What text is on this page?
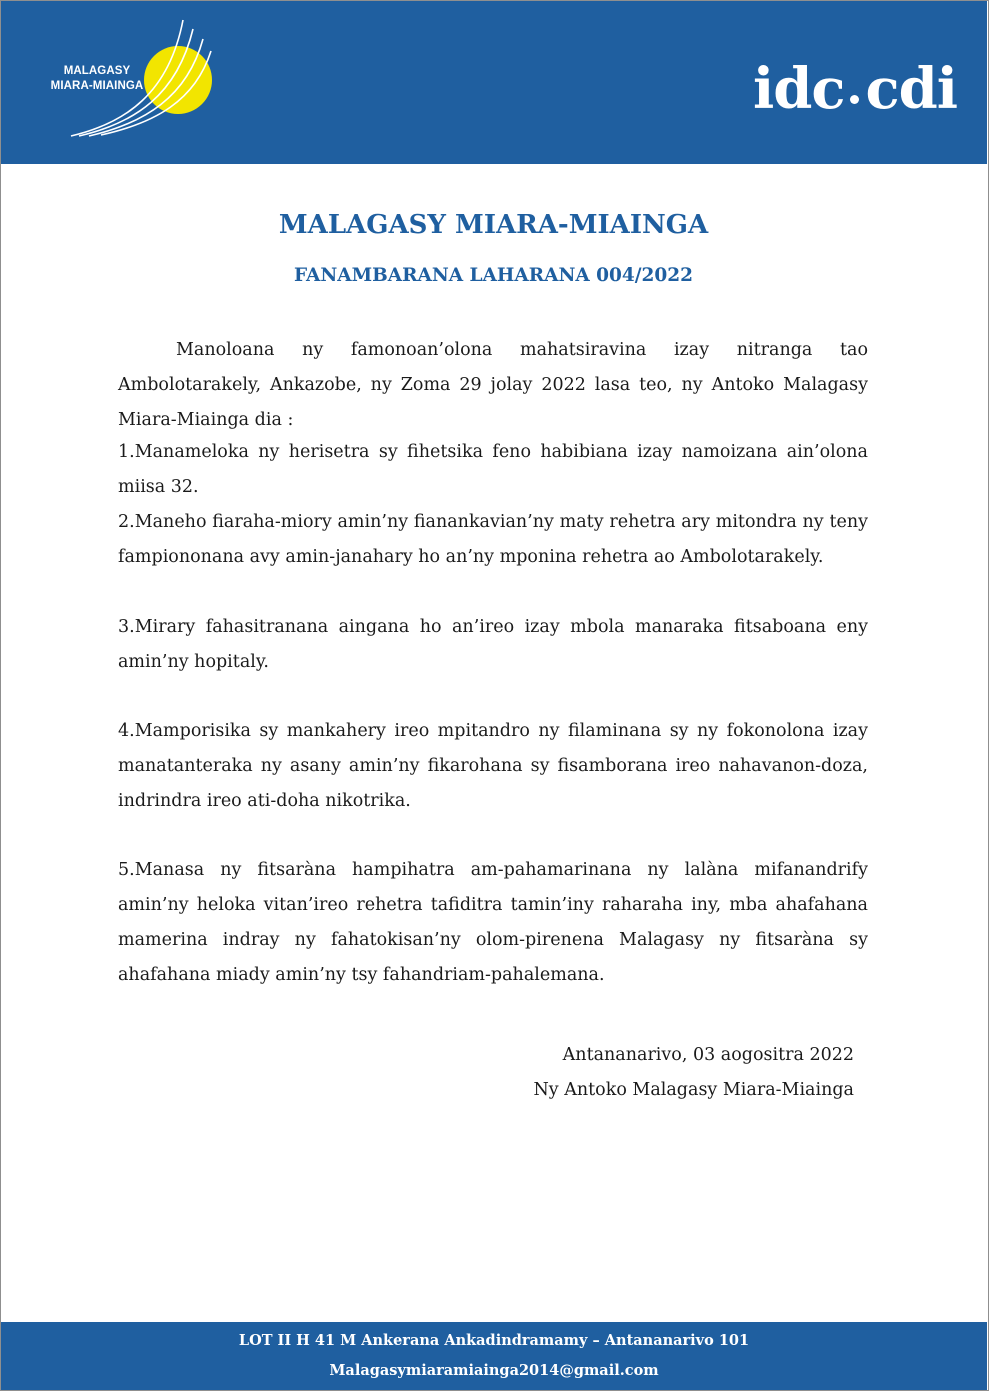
MALAGASY
MIARA-MIAINGA	idc cdi
MALAGASY MIARA-MIAINGA
FANAMBARANA LAHARANA 004/2022
Manoloana ny famonoan’olona mahatsiravina izay nitranga tao Ambolotarakely, Ankazobe, ny Zoma 29 jolay 2022 lasa teo, ny Antoko Malagasy Miara-Miainga dia :
1.Manameloka ny herisetra sy fihetsika feno habibiana izay namoizana ain’olona miisa 32.
2.Maneho fiaraha-miory amin’ny fianankavian’ny maty rehetra ary mitondra ny teny fampiononana avy amin-janahary ho an’ny mponina rehetra ao Ambolotarakely.
3.Mirary fahasitranana aingana ho an’ireo izay mbola manaraka fitsaboana eny amin’ny hopitaly.
4.Mamporisika sy mankahery ireo mpitandro ny filaminana sy ny fokonolona izay manatanteraka ny asany amin’ny fikarohana sy fisamborana ireo nahavanon-doza, indrindra ireo ati-doha nikotrika.
5.Manasa ny fitsaràna hampihatra am-pahamarinana ny lalàna mifanandrify amin’ny heloka vitan’ireo rehetra tafiditra tamin’iny raharaha iny, mba ahafahana mamerina indray ny fahatokisan’ny olom-pirenena Malagasy ny fitsaràna sy ahafahana miady amin’ny tsy fahandriam-pahalemana.
Antananarivo, 03 aogositra 2022
Ny Antoko Malagasy Miara-Miainga
LOT II H 41 M Ankerana Ankadindramamy – Antananarivo 101
Malagasymiaramiainga2014@gmail.com
